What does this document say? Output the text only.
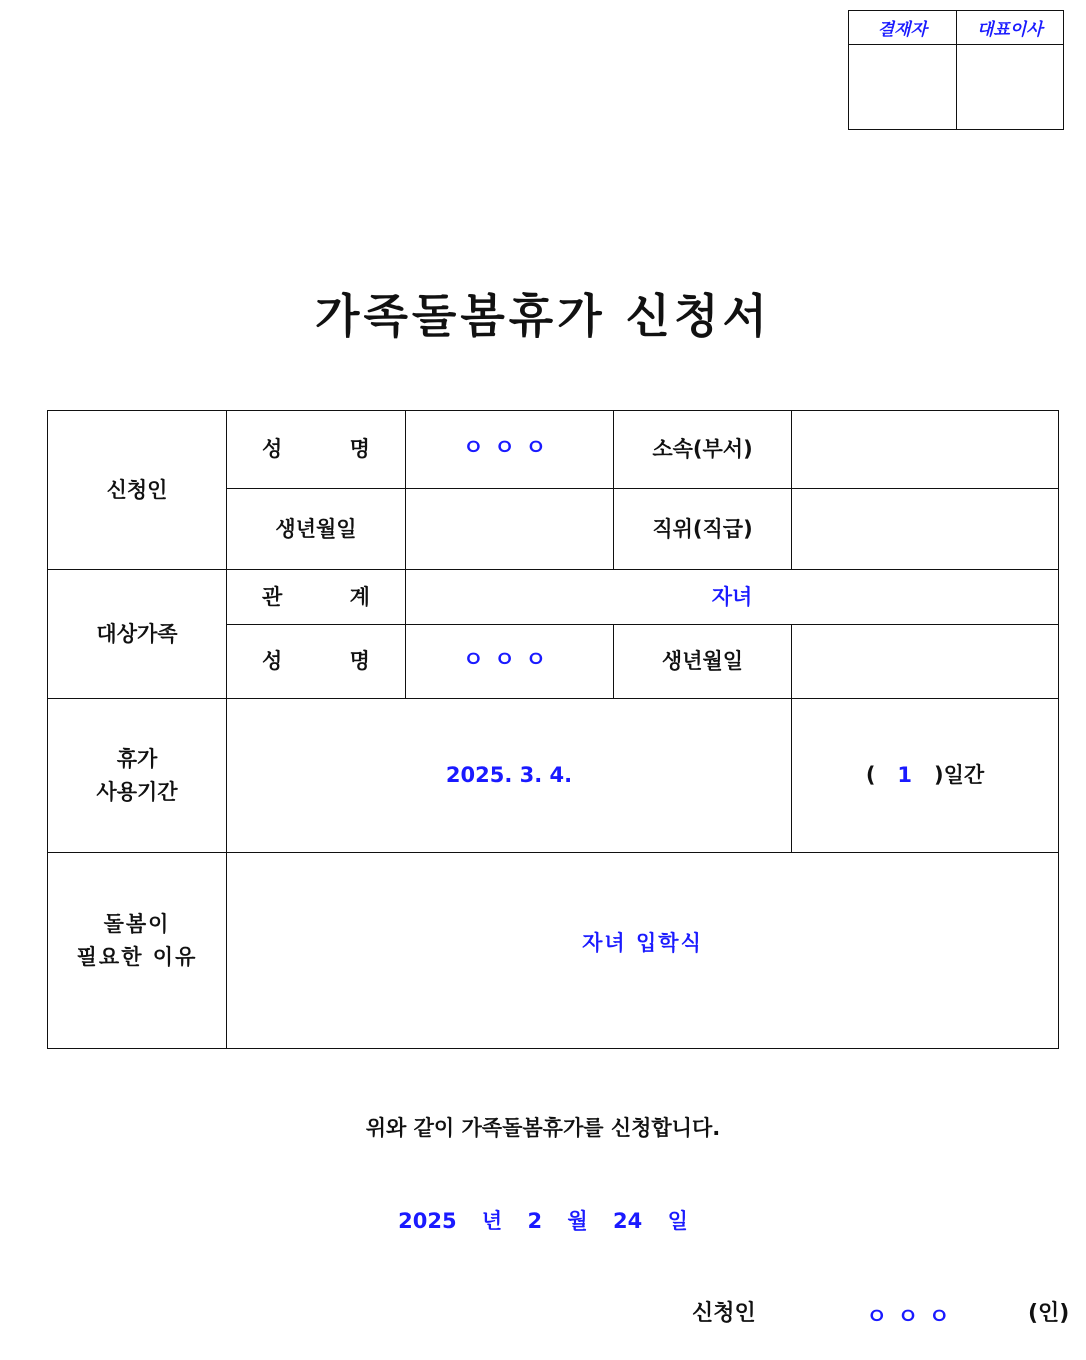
결재자	대표이사

가족돌봄휴가 신청서
신청인	성 명	ㅇㅇㅇ	소속(부서)	
	생년월일		직위(직급)	
대상가족	관 계	자녀		
	성 명	ㅇㅇㅇ	생년월일	

휴가
사용기간	2025. 3. 4.			( 1 )일간

돌봄이
필요한 이유	자녀 입학식			
위와 같이 가족돌봄휴가를 신청합니다.
2025 년 2 월 24 일
신청인	ㅇㅇㅇ	(인)
